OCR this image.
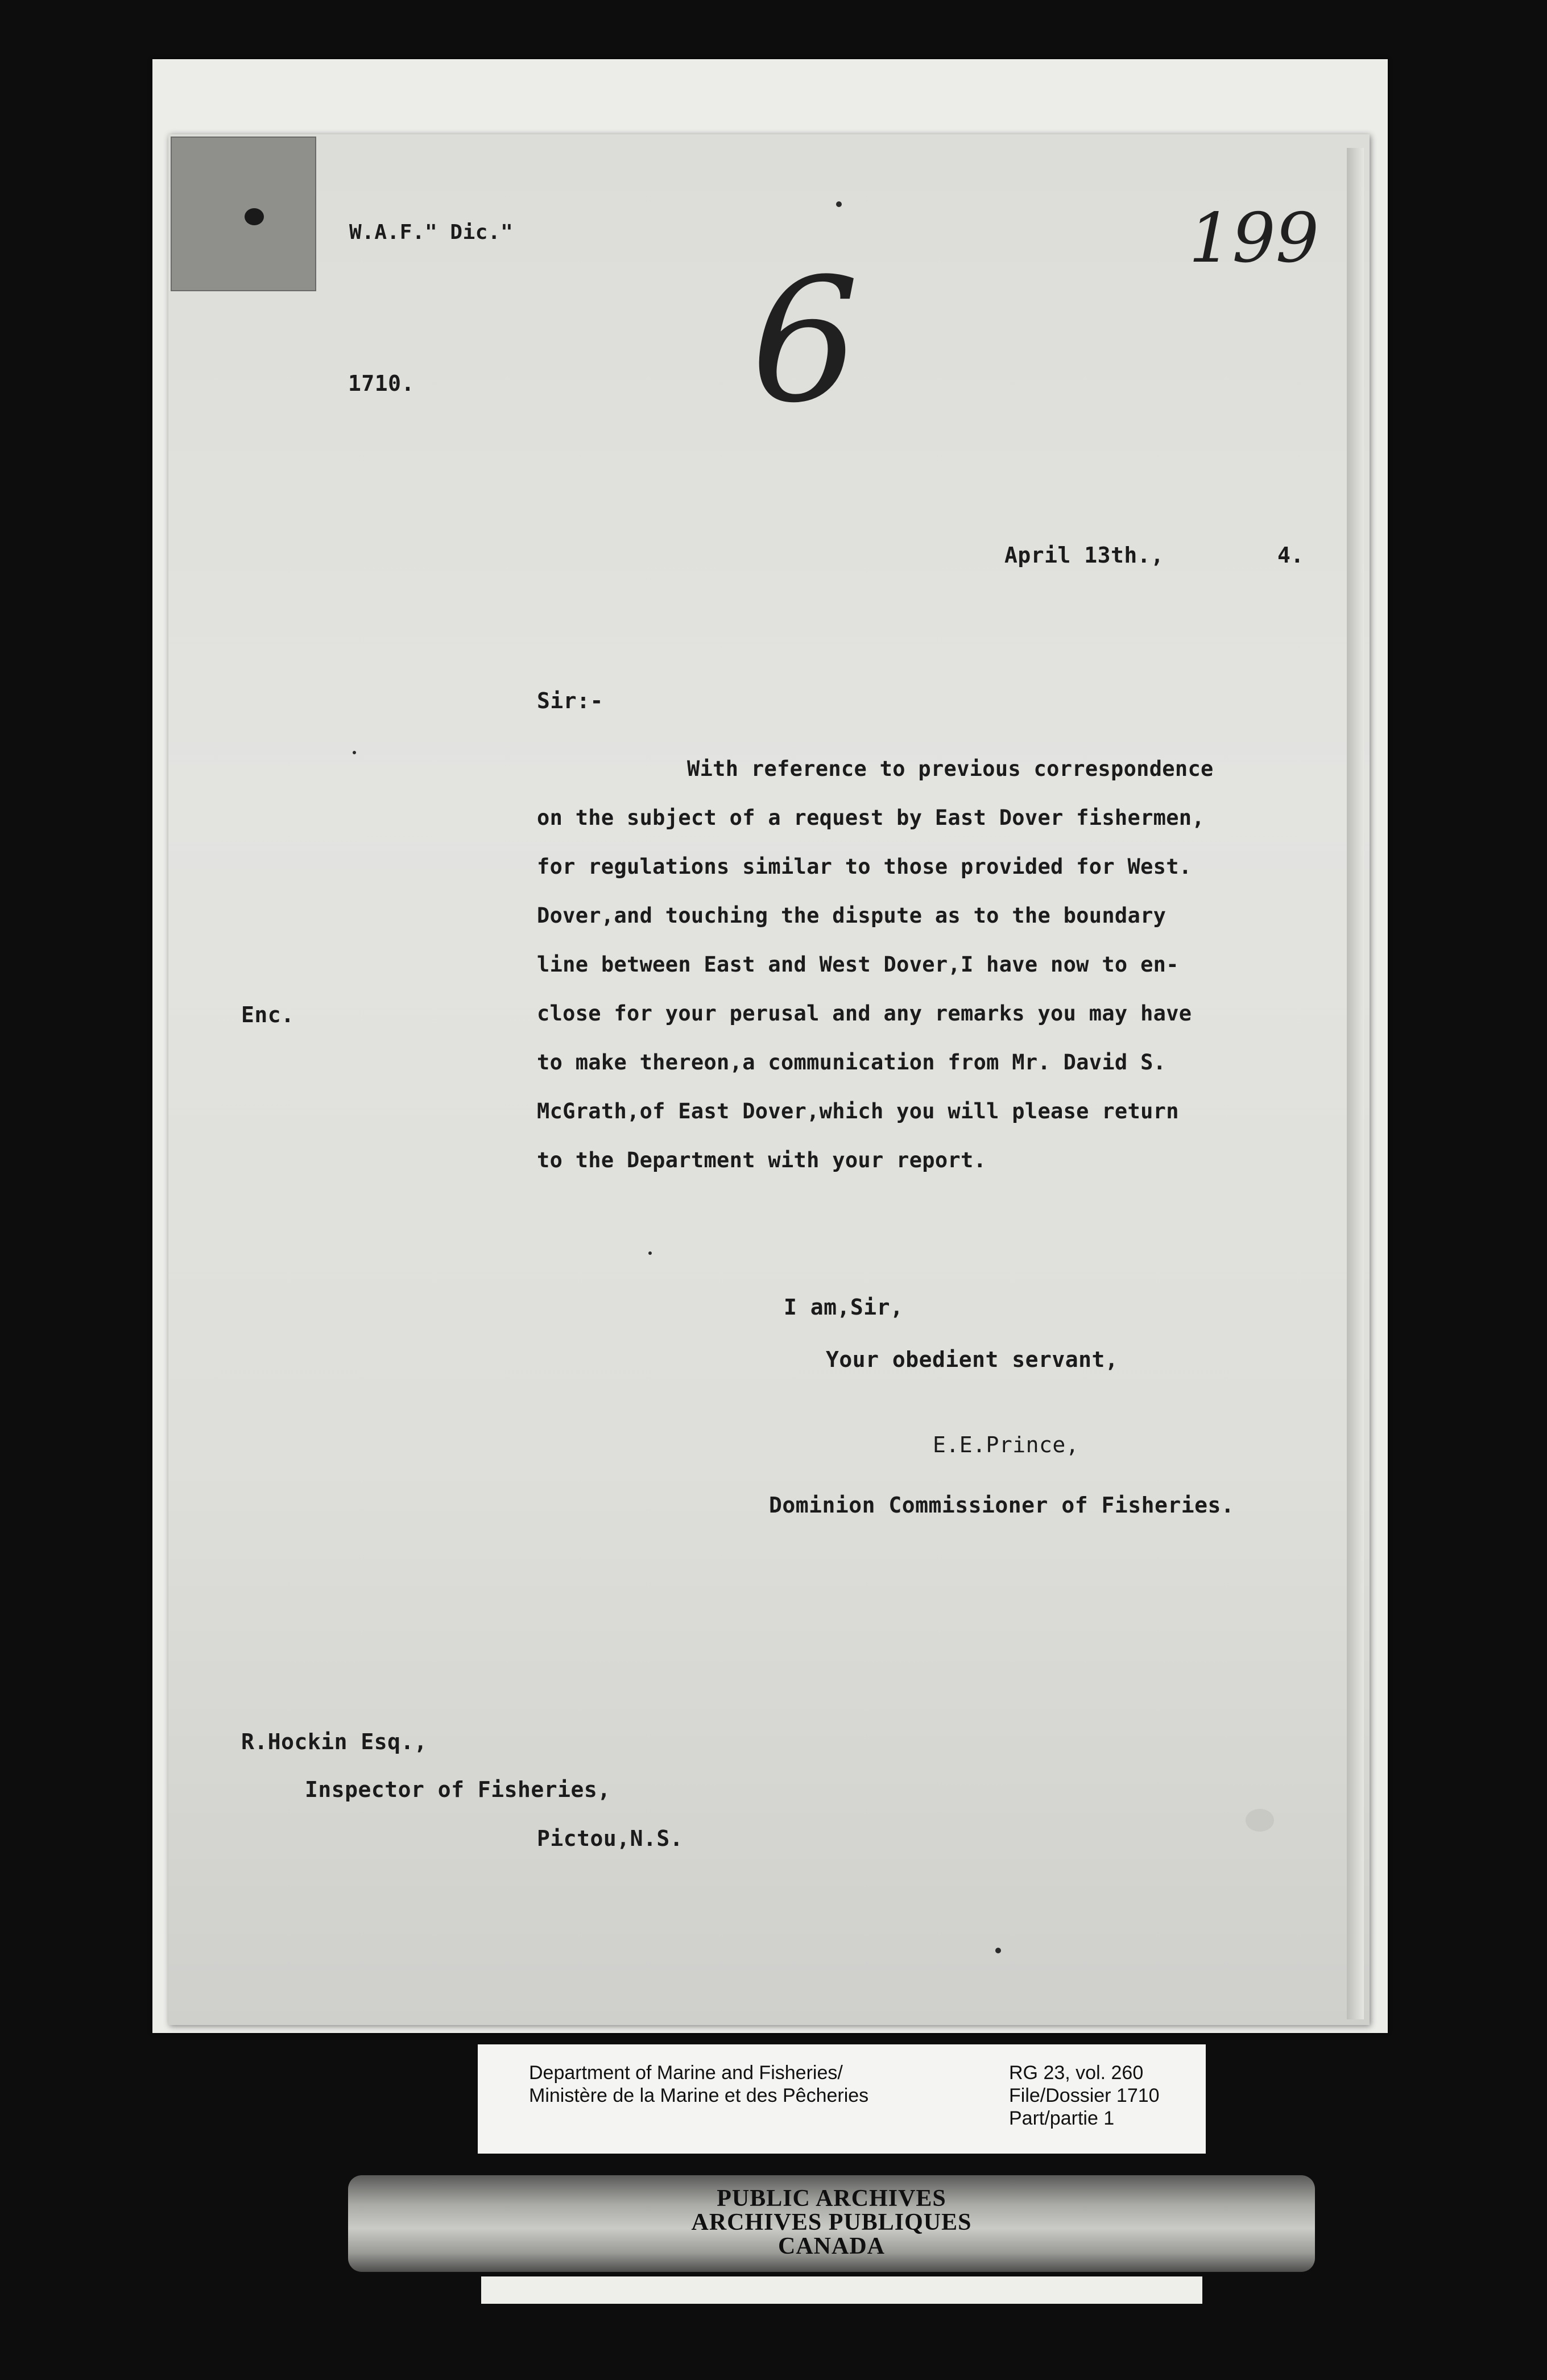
W.A.F." Dic."
1710.
199
6
April 13th.,	4.
Sir:-
Enc.
With reference to previous correspondence
on the subject of a request by East Dover fishermen,
for regulations similar to those provided for West.
Dover,and touching the dispute as to the boundary
line between East and West Dover,I have now to en-
close for your perusal and any remarks you may have
to make thereon,a communication from Mr. David S.
McGrath,of East Dover,which you will please return
to the Department with your report.
I am,Sir,
Your obedient servant,
E.E.Prince,
Dominion Commissioner of Fisheries.
R.Hockin Esq.,
Inspector of Fisheries,
Pictou,N.S.
Department of Marine and Fisheries/
Ministère de la Marine et des Pêcheries
RG 23, vol. 260
File/Dossier 1710
Part/partie 1
PUBLIC ARCHIVES
ARCHIVES PUBLIQUES
CANADA
